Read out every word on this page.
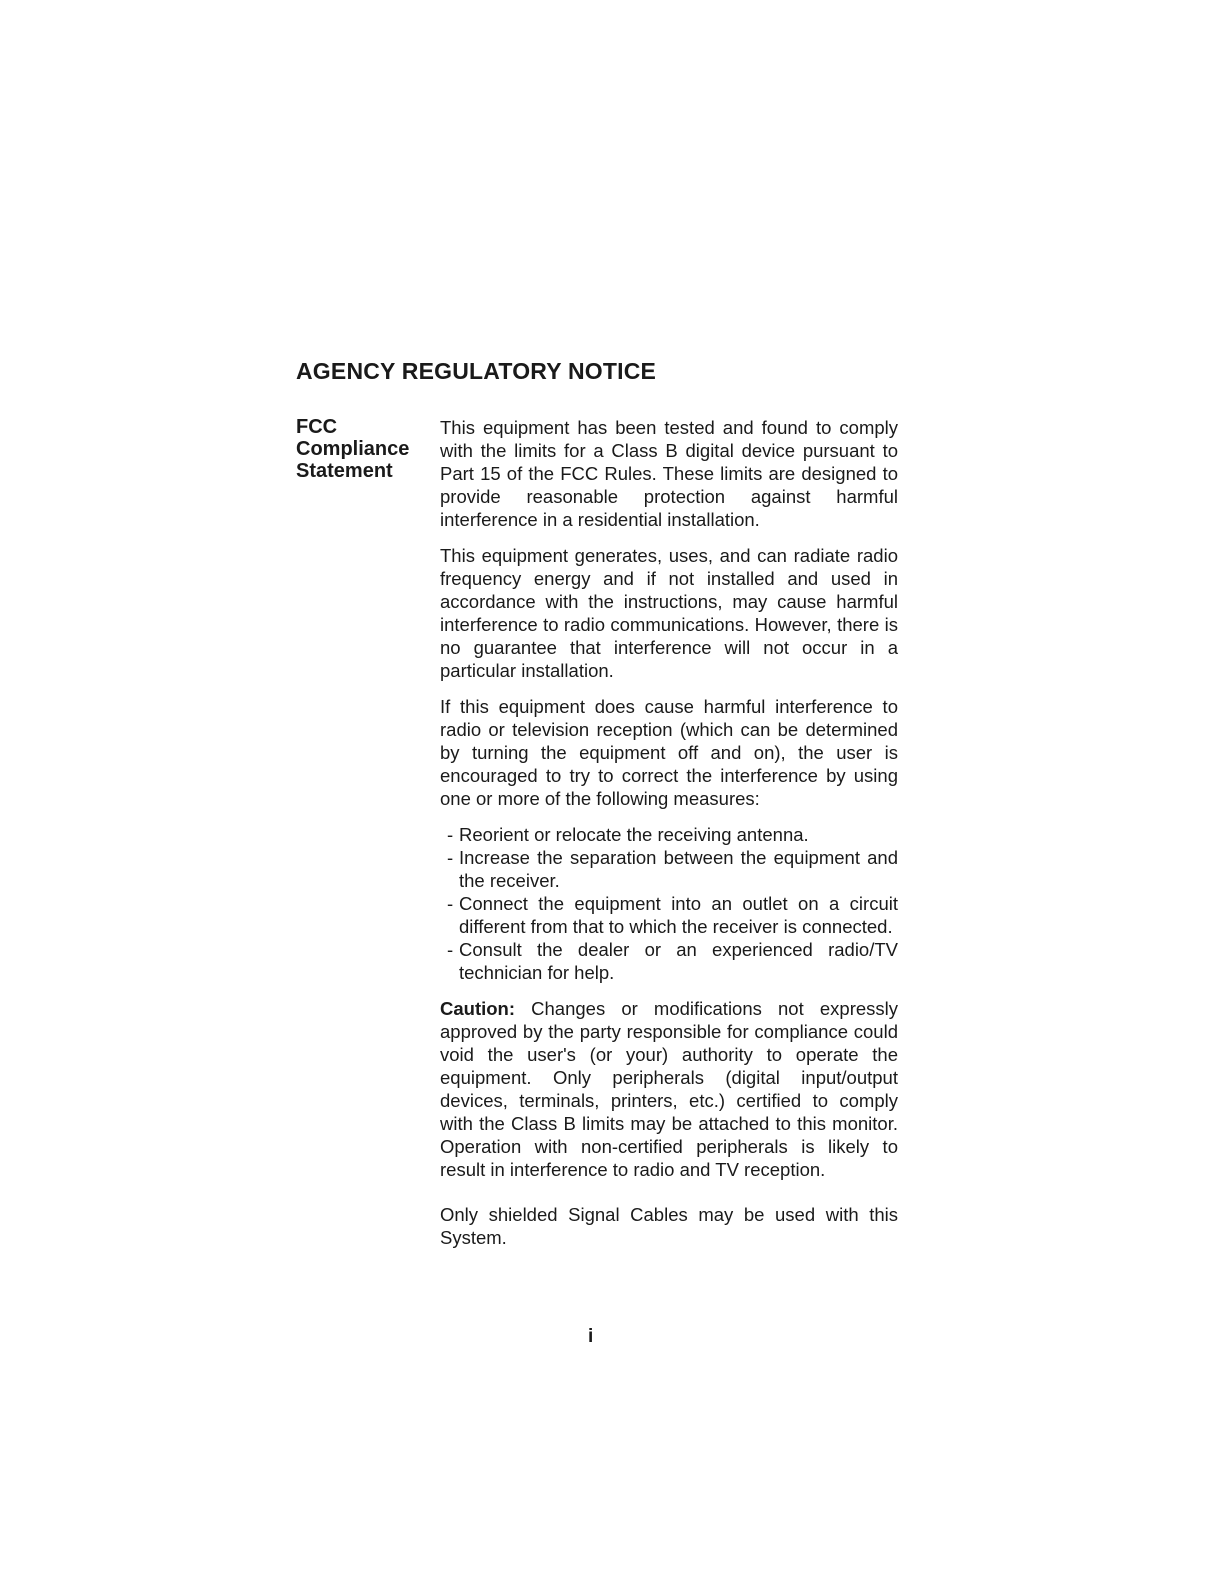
AGENCY REGULATORY NOTICE
FCC
Compliance
Statement

This equipment has been tested and found to comply with the limits for a Class B digital device pursuant to Part 15 of the FCC Rules. These limits are designed to provide reasonable protection against harmful interference in a residential installation.

This equipment generates, uses, and can radiate radio frequency energy and if not installed and used in accordance with the instructions, may cause harmful interference to radio communications. However, there is no guarantee that interference will not occur in a particular installation.

If this equipment does cause harmful interference to radio or television reception (which can be determined by turning the equipment off and on), the user is encouraged to try to correct the interference by using one or more of the following measures:

- Reorient or relocate the receiving antenna.
- Increase the separation between the equipment and the receiver.
- Connect the equipment into an outlet on a circuit different from that to which the receiver is connected.
- Consult the dealer or an experienced radio/TV technician for help.

Caution: Changes or modifications not expressly approved by the party responsible for compliance could void the user's (or your) authority to operate the equipment. Only peripherals (digital input/output devices, terminals, printers, etc.) certified to comply with the Class B limits may be attached to this monitor. Operation with non-certified peripherals is likely to result in interference to radio and TV reception.

Only shielded Signal Cables may be used with this System.

i
